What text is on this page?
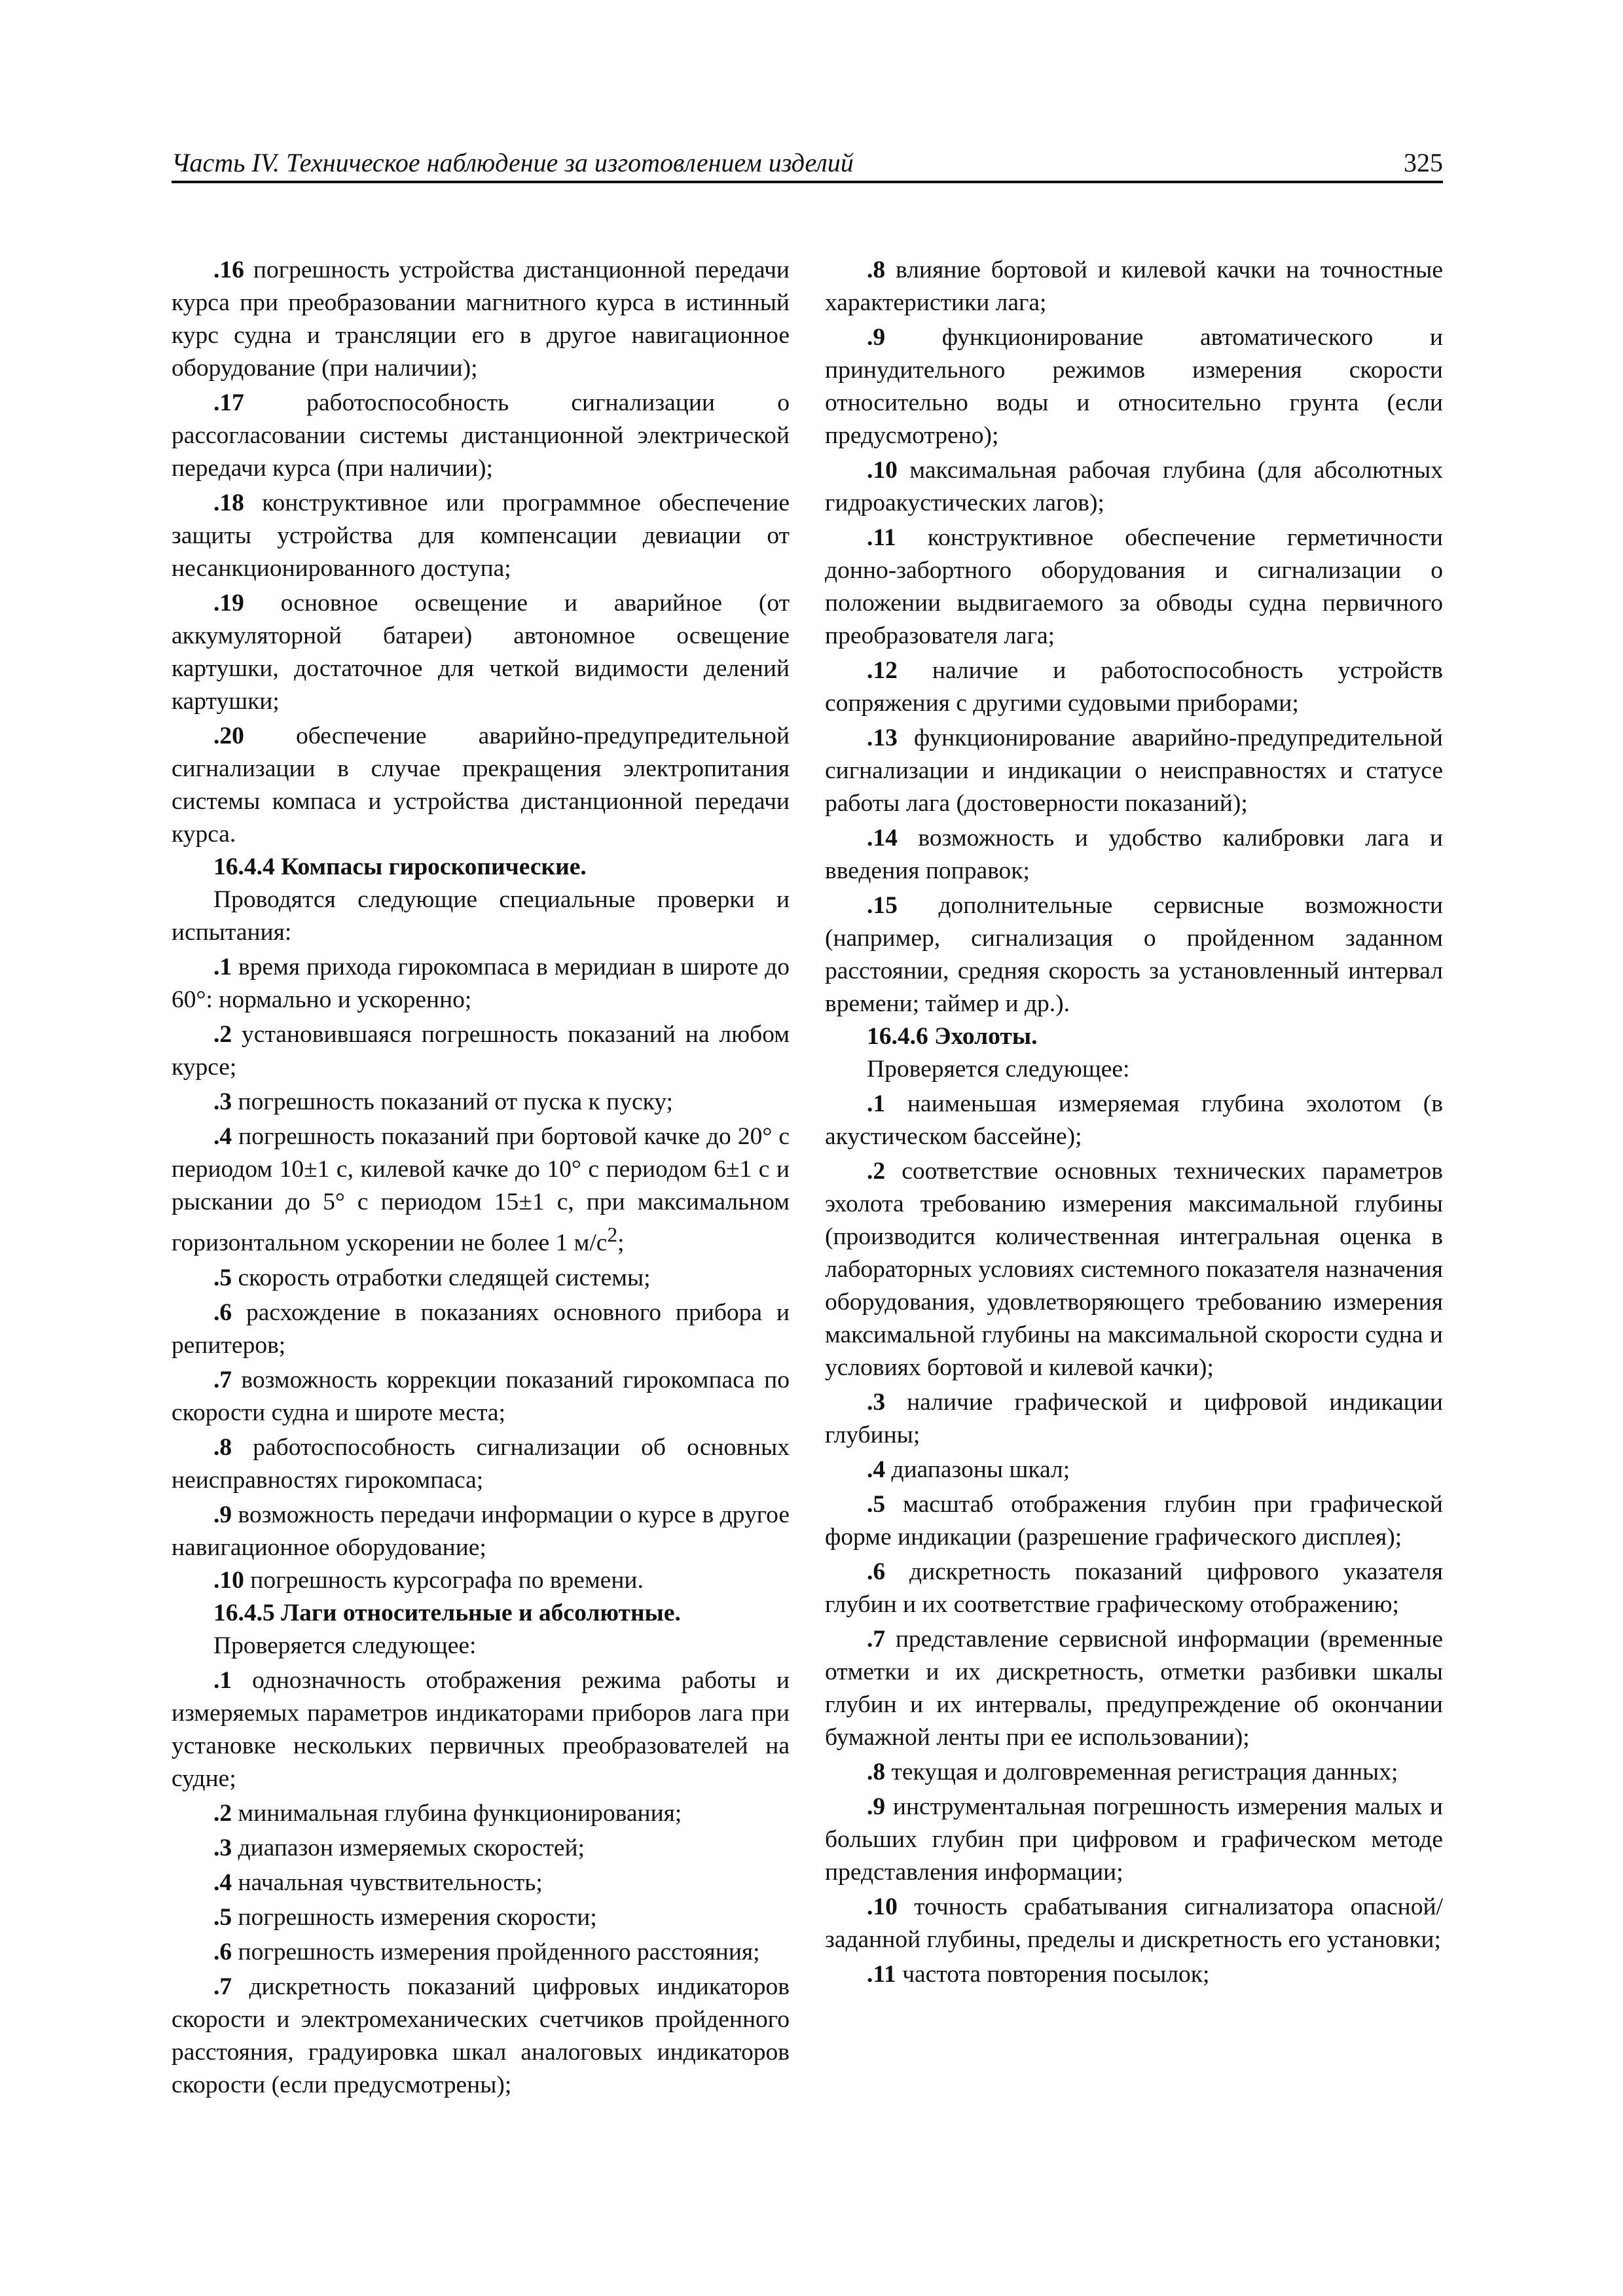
Часть IV. Техническое наблюдение за изготовлением изделий	325

.16 погрешность устройства дистанционной передачи курса при преобразовании магнитного курса в истинный курс судна и трансляции его в другое навигационное оборудование (при наличии);

.17 работоспособность сигнализации о рассогласовании системы дистанционной электрической передачи курса (при наличии);

.18 конструктивное или программное обеспечение защиты устройства для компенсации девиации от несанкционированного доступа;

.19 основное освещение и аварийное (от аккумуляторной батареи) автономное освещение картушки, достаточное для четкой видимости делений картушки;

.20 обеспечение аварийно-предупредительной сигнализации в случае прекращения электропитания системы компаса и устройства дистанционной передачи курса.

16.4.4 Компасы гироскопические.

Проводятся следующие специальные проверки и испытания:

.1 время прихода гирокомпаса в меридиан в широте до 60°: нормально и ускоренно;

.2 установившаяся погрешность показаний на любом курсе;

.3 погрешность показаний от пуска к пуску;

.4 погрешность показаний при бортовой качке до 20° с периодом 10±1 с, килевой качке до 10° с периодом 6±1 с и рыскании до 5° с периодом 15±1 с, при максимальном горизонтальном ускорении не более 1 $м/с^2$;

.5 скорость отработки следящей системы;

.6 расхождение в показаниях основного прибора и репитеров;

.7 возможность коррекции показаний гирокомпаса по скорости судна и широте места;

.8 работоспособность сигнализации об основных неисправностях гирокомпаса;

.9 возможность передачи информации о курсе в другое навигационное оборудование;

.10 погрешность курсографа по времени.

16.4.5 Лаги относительные и абсолютные.

Проверяется следующее:

.1 однозначность отображения режима работы и измеряемых параметров индикаторами приборов лага при установке нескольких первичных преобразователей на судне;

.2 минимальная глубина функционирования;

.3 диапазон измеряемых скоростей;

.4 начальная чувствительность;

.5 погрешность измерения скорости;

.6 погрешность измерения пройденного расстояния;

.7 дискретность показаний цифровых индикаторов скорости и электромеханических счетчиков пройденного расстояния, градуировка шкал аналоговых индикаторов скорости (если предусмотрены);

.8 влияние бортовой и килевой качки на точностные характеристики лага;

.9 функционирование автоматического и принудительного режимов измерения скорости относительно воды и относительно грунта (если предусмотрено);

.10 максимальная рабочая глубина (для абсолютных гидроакустических лагов);

.11 конструктивное обеспечение герметичности донно-забортного оборудования и сигнализации о положении выдвигаемого за обводы судна первичного преобразователя лага;

.12 наличие и работоспособность устройств сопряжения с другими судовыми приборами;

.13 функционирование аварийно-предупредительной сигнализации и индикации о неисправностях и статусе работы лага (достоверности показаний);

.14 возможность и удобство калибровки лага и введения поправок;

.15 дополнительные сервисные возможности (например, сигнализация о пройденном заданном расстоянии, средняя скорость за установленный интервал времени; таймер и др.).

16.4.6 Эхолоты.

Проверяется следующее:

.1 наименьшая измеряемая глубина эхолотом (в акустическом бассейне);

.2 соответствие основных технических параметров эхолота требованию измерения максимальной глубины (производится количественная интегральная оценка в лабораторных условиях системного показателя назначения оборудования, удовлетворяющего требованию измерения максимальной глубины на максимальной скорости судна и условиях бортовой и килевой качки);

.3 наличие графической и цифровой индикации глубины;

.4 диапазоны шкал;

.5 масштаб отображения глубин при графической форме индикации (разрешение графического дисплея);

.6 дискретность показаний цифрового указателя глубин и их соответствие графическому отображению;

.7 представление сервисной информации (временные отметки и их дискретность, отметки разбивки шкалы глубин и их интервалы, предупреждение об окончании бумажной ленты при ее использовании);

.8 текущая и долговременная регистрация данных;

.9 инструментальная погрешность измерения малых и больших глубин при цифровом и графическом методе представления информации;

.10 точность срабатывания сигнализатора опасной/заданной глубины, пределы и дискретность его установки;

.11 частота повторения посылок;
